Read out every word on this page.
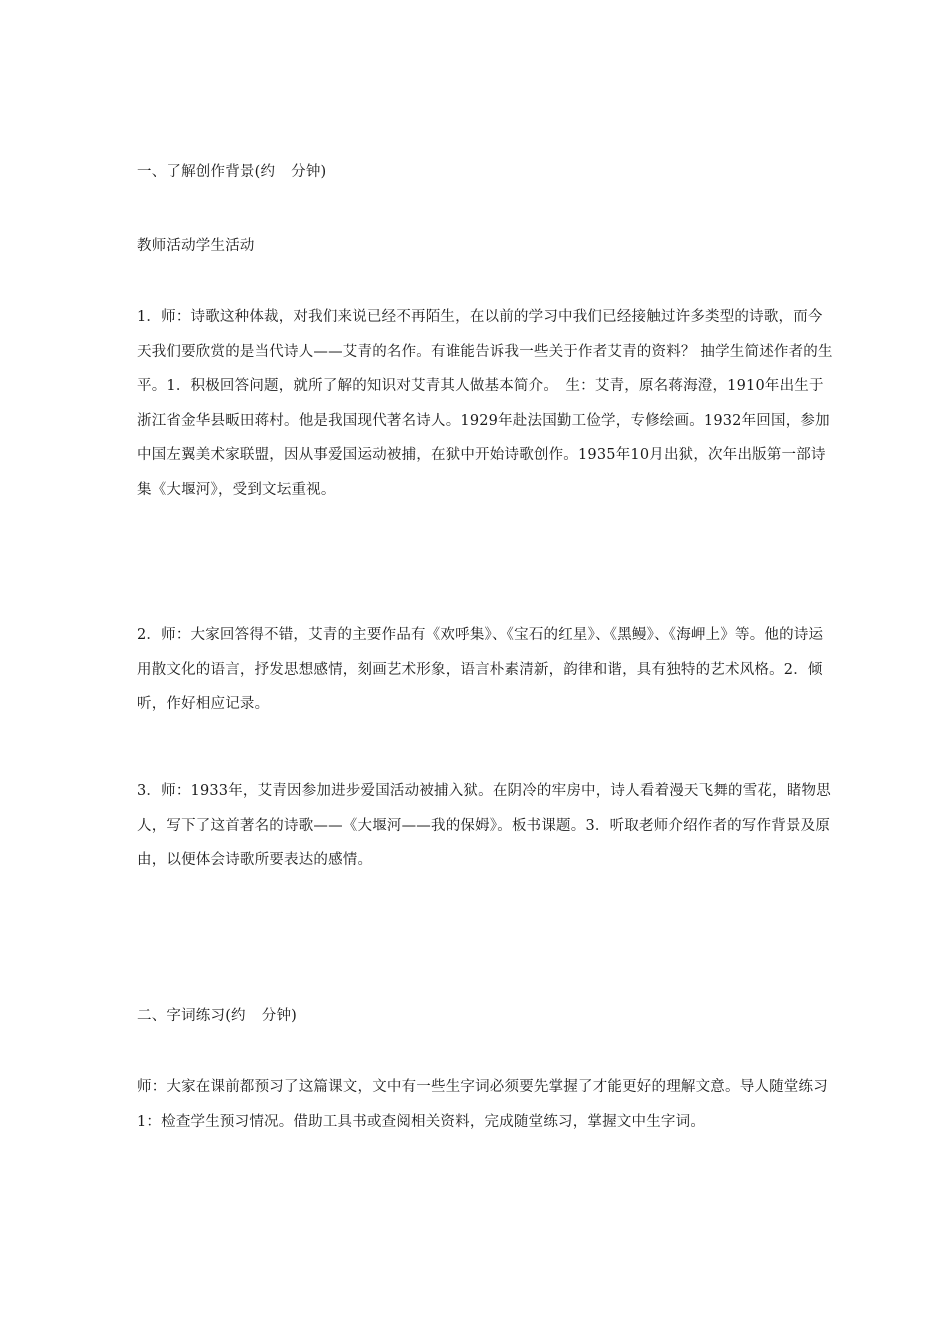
一、了解创作背景(约 分钟)
教师活动学生活动
1．师：诗歌这种体裁，对我们来说已经不再陌生，在以前的学习中我们已经接触过许多类型的诗歌，而今天我们要欣赏的是当代诗人——艾青的名作。有谁能告诉我一些关于作者艾青的资料？ 抽学生简述作者的生平。1．积极回答问题，就所了解的知识对艾青其人做基本简介。　生：艾青，原名蒋海澄，1910年出生于浙江省金华县畈田蒋村。他是我国现代著名诗人。1929年赴法国勤工俭学，专修绘画。1932年回国，参加中国左翼美术家联盟，因从事爱国运动被捕，在狱中开始诗歌创作。1935年10月出狱，次年出版第一部诗集《大堰河》，受到文坛重视。
2．师：大家回答得不错，艾青的主要作品有《欢呼集》、《宝石的红星》、《黑鳗》、《海岬上》等。他的诗运用散文化的语言，抒发思想感情，刻画艺术形象，语言朴素清新，韵律和谐，具有独特的艺术风格。2．倾听，作好相应记录。
3．师：1933年，艾青因参加进步爱国活动被捕入狱。在阴冷的牢房中，诗人看着漫天飞舞的雪花，睹物思人，写下了这首著名的诗歌——《大堰河——我的保姆》。板书课题。3．听取老师介绍作者的写作背景及原由，以便体会诗歌所要表达的感情。
二、字词练习(约 分钟)
师：大家在课前都预习了这篇课文，文中有一些生字词必须要先掌握了才能更好的理解文意。导人随堂练习1：检查学生预习情况。借助工具书或查阅相关资料，完成随堂练习，掌握文中生字词。
